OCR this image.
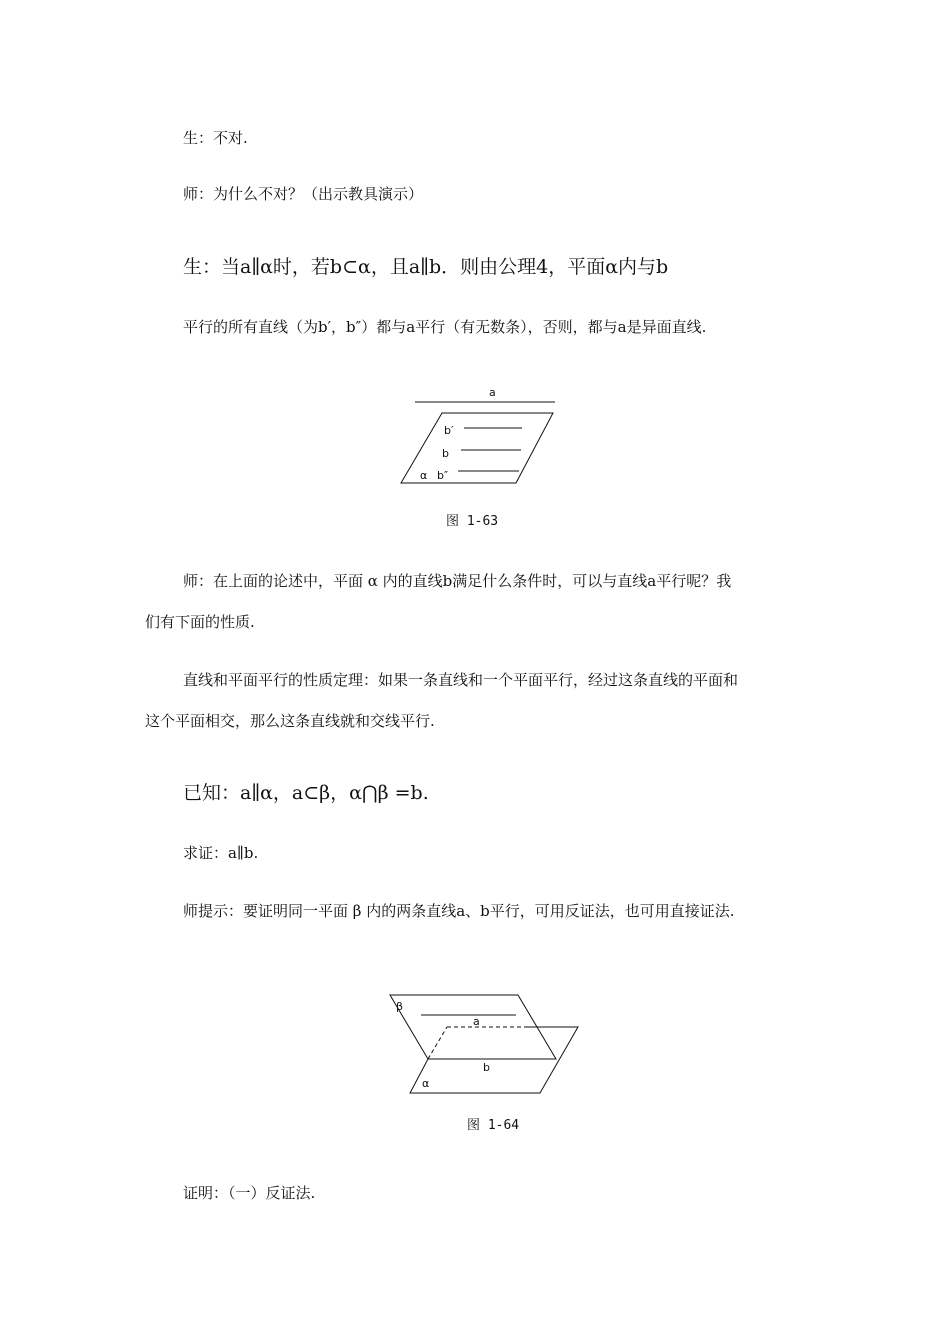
生：不对.
师：为什么不对？（出示教具演示）
生：当a∥α时，若b⊂α，且a∥b．则由公理4，平面α内与b
平行的所有直线（为b′，b″）都与a平行（有无数条），否则，都与a是异面直线.
a
b′
b
α b″
图 1-63
师：在上面的论述中，平面 α 内的直线b满足什么条件时，可以与直线a平行呢？我
们有下面的性质.
直线和平面平行的性质定理：如果一条直线和一个平面平行，经过这条直线的平面和
这个平面相交，那么这条直线就和交线平行.
已知：a∥α，a⊂β，α⋂β =b.
求证：a∥b.
师提示：要证明同一平面 β 内的两条直线a、b平行，可用反证法，也可用直接证法.
β
a
b
α
图 1-64
证明：（一）反证法.
